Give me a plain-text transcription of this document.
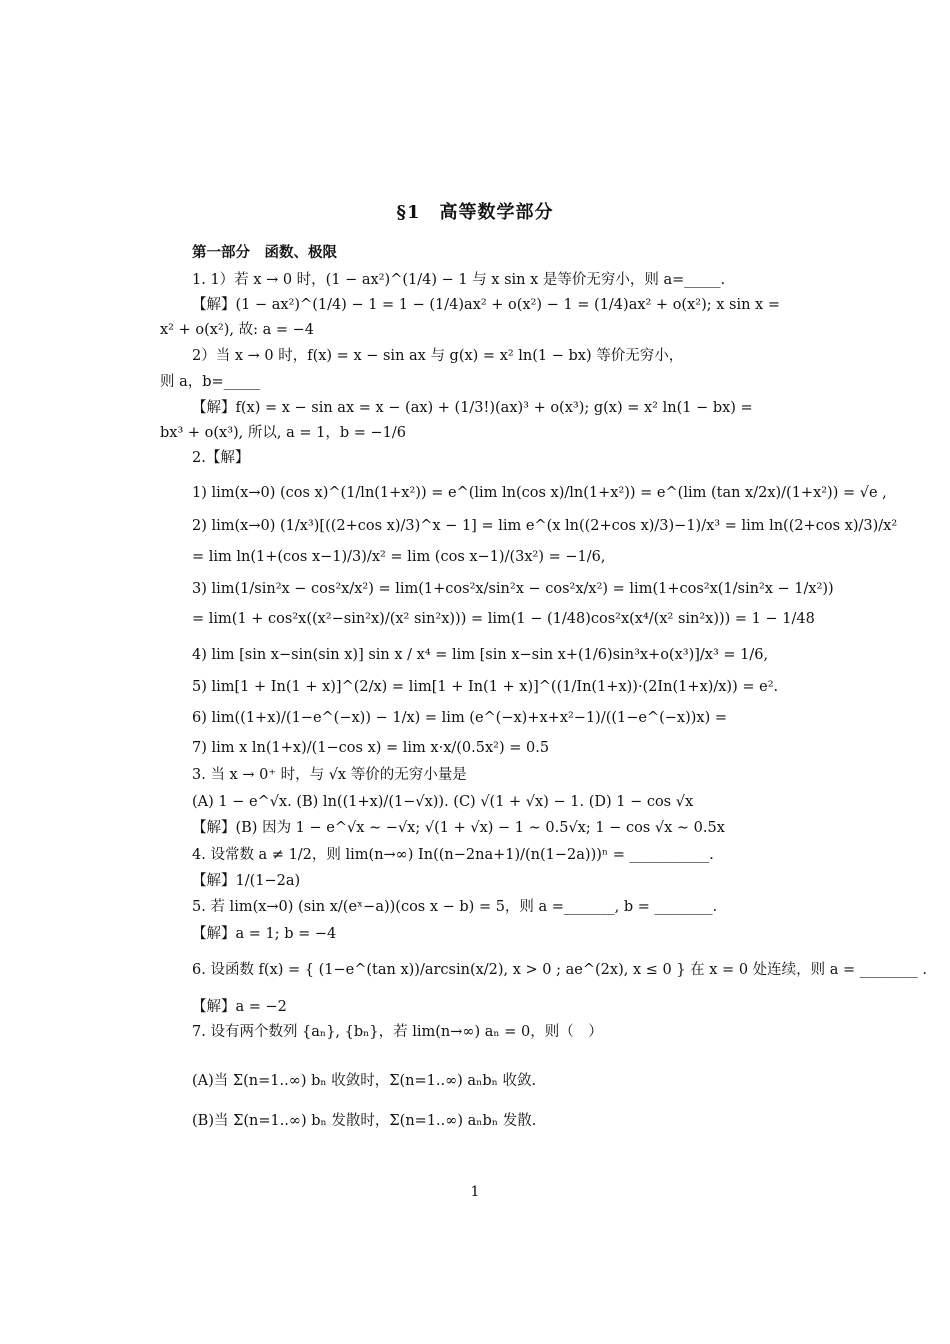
§1　高等数学部分
第一部分　函数、极限
1. 1）若 x → 0 时，(1 − ax²)^(1/4) − 1 与 x sin x 是等价无穷小，则 a=_____.
【解】(1 − ax²)^(1/4) − 1 = 1 − (1/4)ax² + o(x²) − 1 = (1/4)ax² + o(x²); x sin x =
x² + o(x²), 故: a = −4
2）当 x → 0 时，f(x) = x − sin ax 与 g(x) = x² ln(1 − bx) 等价无穷小，
则 a，b=_____
【解】f(x) = x − sin ax = x − (ax) + (1/3!)(ax)³ + o(x³); g(x) = x² ln(1 − bx) =
bx³ + o(x³), 所以, a = 1，b = −1/6
2.【解】
1) lim(x→0) (cos x)^(1/ln(1+x²)) = e^(lim ln(cos x)/ln(1+x²)) = e^(lim (tan x/2x)/(1+x²)) = √e ,
2) lim(x→0) (1/x³)[((2+cos x)/3)^x − 1] = lim e^(x ln((2+cos x)/3)−1)/x³ = lim ln((2+cos x)/3)/x²
= lim ln(1+(cos x−1)/3)/x² = lim (cos x−1)/(3x²) = −1/6,
3) lim(1/sin²x − cos²x/x²) = lim(1+cos²x/sin²x − cos²x/x²) = lim(1+cos²x(1/sin²x − 1/x²))
= lim(1 + cos²x((x²−sin²x)/(x² sin²x))) = lim(1 − (1/48)cos²x(x⁴/(x² sin²x))) = 1 − 1/48
4) lim [sin x−sin(sin x)] sin x / x⁴ = lim [sin x−sin x+(1/6)sin³x+o(x³)]/x³ = 1/6,
5) lim[1 + In(1 + x)]^(2/x) = lim[1 + In(1 + x)]^((1/In(1+x))·(2In(1+x)/x)) = e².
6) lim((1+x)/(1−e^(−x)) − 1/x) = lim (e^(−x)+x+x²−1)/((1−e^(−x))x) =
7) lim x ln(1+x)/(1−cos x) = lim x·x/(0.5x²) = 0.5
3. 当 x → 0⁺ 时，与 √x 等价的无穷小量是
(A) 1 − e^√x. (B) ln((1+x)/(1−√x)). (C) √(1 + √x) − 1. (D) 1 − cos √x
【解】(B) 因为 1 − e^√x ∼ −√x; √(1 + √x) − 1 ∼ 0.5√x; 1 − cos √x ∼ 0.5x
4. 设常数 a ≠ 1/2，则 lim(n→∞) In((n−2na+1)/(n(1−2a)))ⁿ = ___________.
【解】1/(1−2a)
5. 若 lim(x→0) (sin x/(eˣ−a))(cos x − b) = 5，则 a =_______, b = ________.
【解】a = 1; b = −4
6. 设函数 f(x) = { (1−e^(tan x))/arcsin(x/2), x > 0 ; ae^(2x), x ≤ 0 } 在 x = 0 处连续，则 a = ________ .
【解】a = −2
7. 设有两个数列 {aₙ}, {bₙ}，若 lim(n→∞) aₙ = 0，则（　）
(A)当 Σ(n=1..∞) bₙ 收敛时，Σ(n=1..∞) aₙbₙ 收敛.
(B)当 Σ(n=1..∞) bₙ 发散时，Σ(n=1..∞) aₙbₙ 发散.
1
